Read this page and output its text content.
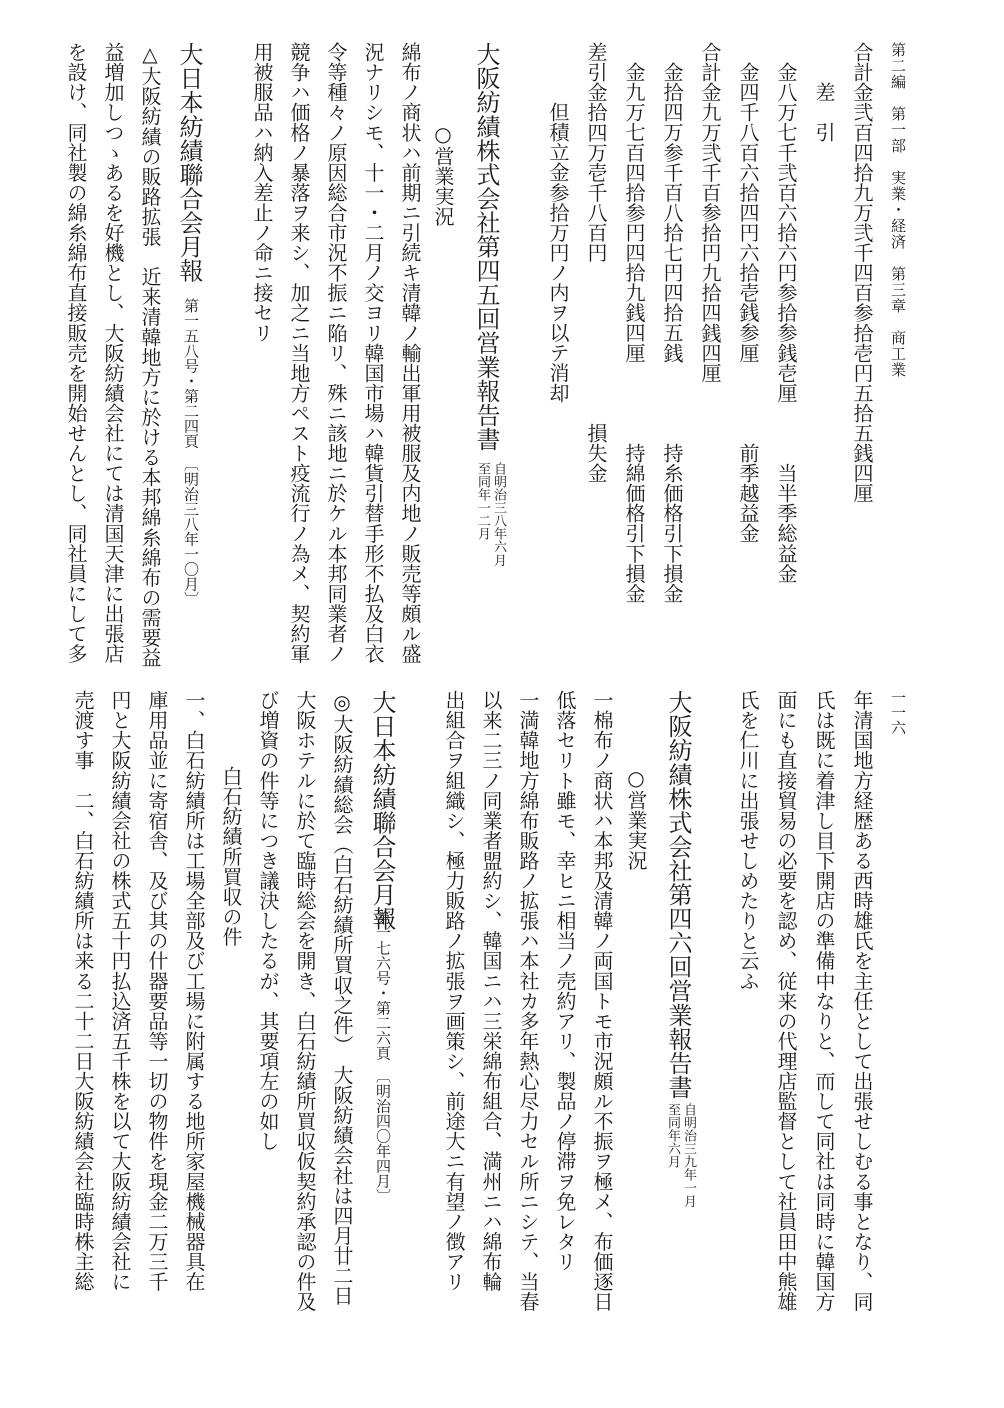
第二編　第一部　実業・経済　第三章　商工業
一一六
合計金弐百四拾九万弐千四百参拾壱円五拾五銭四厘
差　引
金八万七千弐百六拾六円参拾参銭壱厘　　　当半季総益金
金四千八百六拾四円六拾壱銭参厘　　　　前季越益金
合計金九万弐千百参拾円九拾四銭四厘
金拾四万参千百八拾七円四拾五銭　　　　持糸価格引下損金
金九万七百四拾参円四拾九銭四厘　　　　持綿価格引下損金
差引金拾四万壱千八百円　　　　　　　　損失金
但積立金参拾万円ノ内ヲ以テ消却
大阪紡績株式会社第四五回営業報告書
○営業実況
綿布ノ商状ハ前期ニ引続キ清韓ノ輸出軍用被服及内地ノ販売等頗ル盛
況ナリシモ、十一・二月ノ交ヨリ韓国市場ハ韓貨引替手形不払及白衣
令等種々ノ原因総合市況不振ニ陥リ、殊ニ該地ニ於ケル本邦同業者ノ
競争ハ価格ノ暴落ヲ来シ、加之ニ当地方ペスト疫流行ノ為メ、契約軍
用被服品ハ納入差止ノ命ニ接セリ
大日本紡績聯合会月報
△大阪紡績の販路拡張　近来清韓地方に於ける本邦綿糸綿布の需要益
益増加しつゝあるを好機とし、大阪紡績会社にては清国天津に出張店
を設け、同社製の綿糸綿布直接販売を開始せんとし、同社員にして多	第一五八号・第二四頁　〔明治三八年一〇月〕	自明治三八年六月
至同年一二月
年清国地方経歴ある西時雄氏を主任として出張せしむる事となり、同
氏は既に着津し目下開店の準備中なりと、而して同社は同時に韓国方
面にも直接貿易の必要を認め、従来の代理店監督として社員田中熊雄
氏を仁川に出張せしめたりと云ふ
大阪紡績株式会社第四六回営業報告書
○営業実況
一棉布ノ商状ハ本邦及清韓ノ両国トモ市況頗ル不振ヲ極メ、布価逐日
低落セリト雖モ、幸ヒニ相当ノ売約アリ、製品ノ停滞ヲ免レタリ
一満韓地方綿布販路ノ拡張ハ本社カ多年熱心尽力セル所ニシテ、当春
以来二三ノ同業者盟約シ、韓国ニハ三栄綿布組合、満州ニハ綿布輪
出組合ヲ組織シ、極力販路ノ拡張ヲ画策シ、前途大ニ有望ノ徴アリ
大日本紡績聯合会月報
◎大阪紡績総会（白石紡績所買収之件）　大阪紡績会社は四月廿二日
大阪ホテルに於て臨時総会を開き、白石紡績所買収仮契約承認の件及
び増資の件等につき議決したるが、其要項左の如し
白石紡績所買収の件
一、白石紡績所は工場全部及び工場に附属する地所家屋機械器具在
庫用品並に寄宿舎、及び其の什器要品等一切の物件を現金二万三千
円と大阪紡績会社の株式五十円払込済五千株を以て大阪紡績会社に
売渡す事　二、白石紡績所は来る二十二日大阪紡績会社臨時株主総	第一七六号・第二六頁　〔明治四〇年四月〕	自明治三九年一月
至同年六月
